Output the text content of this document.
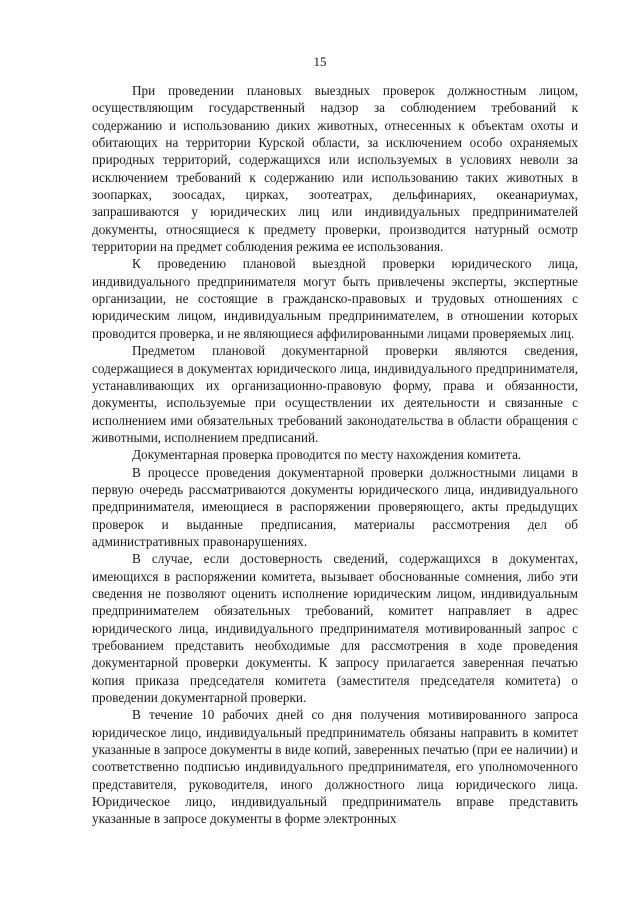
15

При проведении плановых выездных проверок должностным лицом, осуществляющим государственный надзор за соблюдением требований к содержанию и использованию диких животных, отнесенных к объектам охоты и обитающих на территории Курской области, за исключением особо охраняемых природных территорий, содержащихся или используемых в условиях неволи за исключением требований к содержанию или использованию таких животных в зоопарках, зоосадах, цирках, зоотеатрах, дельфинариях, океанариумах, запрашиваются у юридических лиц или индивидуальных предпринимателей документы, относящиеся к предмету проверки, производится натурный осмотр территории на предмет соблюдения режима ее использования.

К проведению плановой выездной проверки юридического лица, индивидуального предпринимателя могут быть привлечены эксперты, экспертные организации, не состоящие в гражданско-правовых и трудовых отношениях с юридическим лицом, индивидуальным предпринимателем, в отношении которых проводится проверка, и не являющиеся аффилированными лицами проверяемых лиц.

Предметом плановой документарной проверки являются сведения, содержащиеся в документах юридического лица, индивидуального предпринимателя, устанавливающих их организационно-правовую форму, права и обязанности, документы, используемые при осуществлении их деятельности и связанные с исполнением ими обязательных требований законодательства в области обращения с животными, исполнением предписаний.

Документарная проверка проводится по месту нахождения комитета.

В процессе проведения документарной проверки должностными лицами в первую очередь рассматриваются документы юридического лица, индивидуального предпринимателя, имеющиеся в распоряжении проверяющего, акты предыдущих проверок и выданные предписания, материалы рассмотрения дел об административных правонарушениях.

В случае, если достоверность сведений, содержащихся в документах, имеющихся в распоряжении комитета, вызывает обоснованные сомнения, либо эти сведения не позволяют оценить исполнение юридическим лицом, индивидуальным предпринимателем обязательных требований, комитет направляет в адрес юридического лица, индивидуального предпринимателя мотивированный запрос с требованием представить необходимые для рассмотрения в ходе проведения документарной проверки документы. К запросу прилагается заверенная печатью копия приказа председателя комитета (заместителя председателя комитета) о проведении документарной проверки.

В течение 10 рабочих дней со дня получения мотивированного запроса юридическое лицо, индивидуальный предприниматель обязаны направить в комитет указанные в запросе документы в виде копий, заверенных печатью (при ее наличии) и соответственно подписью индивидуального предпринимателя, его уполномоченного представителя, руководителя, иного должностного лица юридического лица. Юридическое лицо, индивидуальный предприниматель вправе представить указанные в запросе документы в форме электронных
